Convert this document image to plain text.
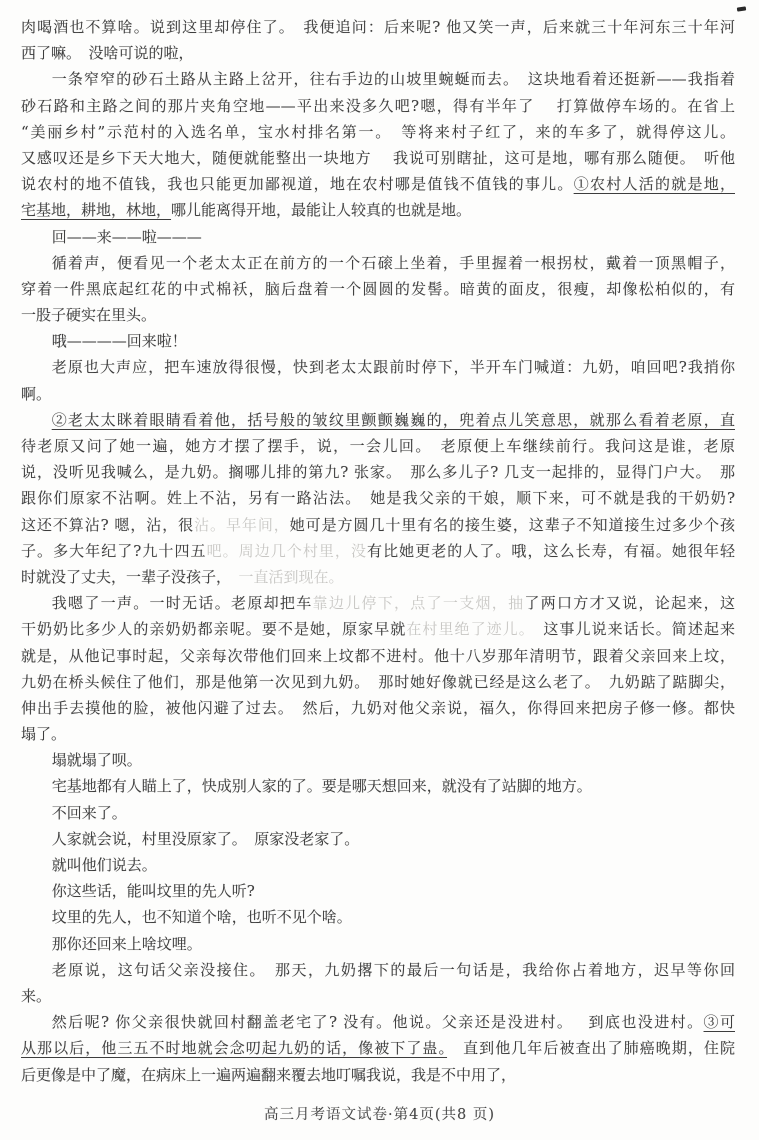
肉喝酒也不算啥。说到这里却停住了。　我便追问：后来呢? 他又笑一声，后来就三十年河东三十年河
西了嘛。　没啥可说的啦，
一条窄窄的砂石土路从主路上岔开，往右手边的山坡里蜿蜒而去。　这块地看着还挺新——我指着
砂石路和主路之间的那片夹角空地——平出来没多久吧?嗯，得有半年了　 打算做停车场的。在省上
“美丽乡村”示范村的入选名单，宝水村排名第一。　等将来村子红了，来的车多了，就得停这儿。
又感叹还是乡下天大地大，随便就能整出一块地方　 我说可别瞎扯，这可是地，哪有那么随便。　听他
说农村的地不值钱，我也只能更加鄙视道，地在农村哪是值钱不值钱的事儿。①农村人活的就是地，
宅基地，耕地，林地，哪儿能离得开地，最能让人较真的也就是地。
回——来——啦———
循着声，便看见一个老太太正在前方的一个石磙上坐着，手里握着一根拐杖，戴着一顶黑帽子，
穿着一件黑底起红花的中式棉袄，脑后盘着一个圆圆的发髻。暗黄的面皮，很瘦，却像松柏似的，有
一股子硬实在里头。
哦————回来啦！
老原也大声应，把车速放得很慢，快到老太太跟前时停下，半开车门喊道：九奶，咱回吧?我捎你
啊。
②老太太眯着眼睛看着他，括号般的皱纹里颤颤巍巍的，兜着点儿笑意思，就那么看着老原，直
待老原又问了她一遍，她方才摆了摆手，说，一会儿回。　老原便上车继续前行。我问这是谁，老原
说，没听见我喊么，是九奶。搁哪儿排的第九? 张家。　那么多儿子? 几支一起排的，显得门户大。　那
跟你们原家不沾啊。姓上不沾，另有一路沾法。　她是我父亲的干娘，顺下来，可不就是我的干奶奶?
这还不算沾? 嗯，沾，很沾。早年间，她可是方圆几十里有名的接生婆，这辈子不知道接生过多少个孩
子。多大年纪了?九十四五吧。周边几个村里，没有比她更老的人了。哦，这么长寿，有福。她很年轻
时就没了丈夫，一辈子没孩子，　一直活到现在。
我嗯了一声。一时无话。老原却把车靠边儿停下，点了一支烟，抽了两口方才又说，论起来，这
干奶奶比多少人的亲奶奶都亲呢。要不是她，原家早就在村里绝了迹儿。　这事儿说来话长。简述起来
就是，从他记事时起，父亲每次带他们回来上坟都不进村。他十八岁那年清明节，跟着父亲回来上坟，
九奶在桥头候住了他们，那是他第一次见到九奶。　那时她好像就已经是这么老了。　九奶踮了踮脚尖，
伸出手去摸他的脸，被他闪避了过去。　然后，九奶对他父亲说，福久，你得回来把房子修一修。都快
塌了。
塌就塌了呗。
宅基地都有人瞄上了，快成别人家的了。要是哪天想回来，就没有了站脚的地方。
不回来了。
人家就会说，村里没原家了。　原家没老家了。
就叫他们说去。
你这些话，能叫坟里的先人听?
坟里的先人，也不知道个啥，也听不见个啥。
那你还回来上啥坟哩。
老原说，这句话父亲没接住。　那天，九奶撂下的最后一句话是，我给你占着地方，迟早等你回
来。
然后呢? 你父亲很快就回村翻盖老宅了? 没有。他说。父亲还是没进村。　 到底也没进村。③可
从那以后，他三五不时地就会念叨起九奶的话，像被下了蛊。　直到他几年后被查出了肺癌晚期，住院
后更像是中了魔，在病床上一遍两遍翻来覆去地叮嘱我说，我是不中用了，
高三月考语文试卷·第4页(共8 页)
